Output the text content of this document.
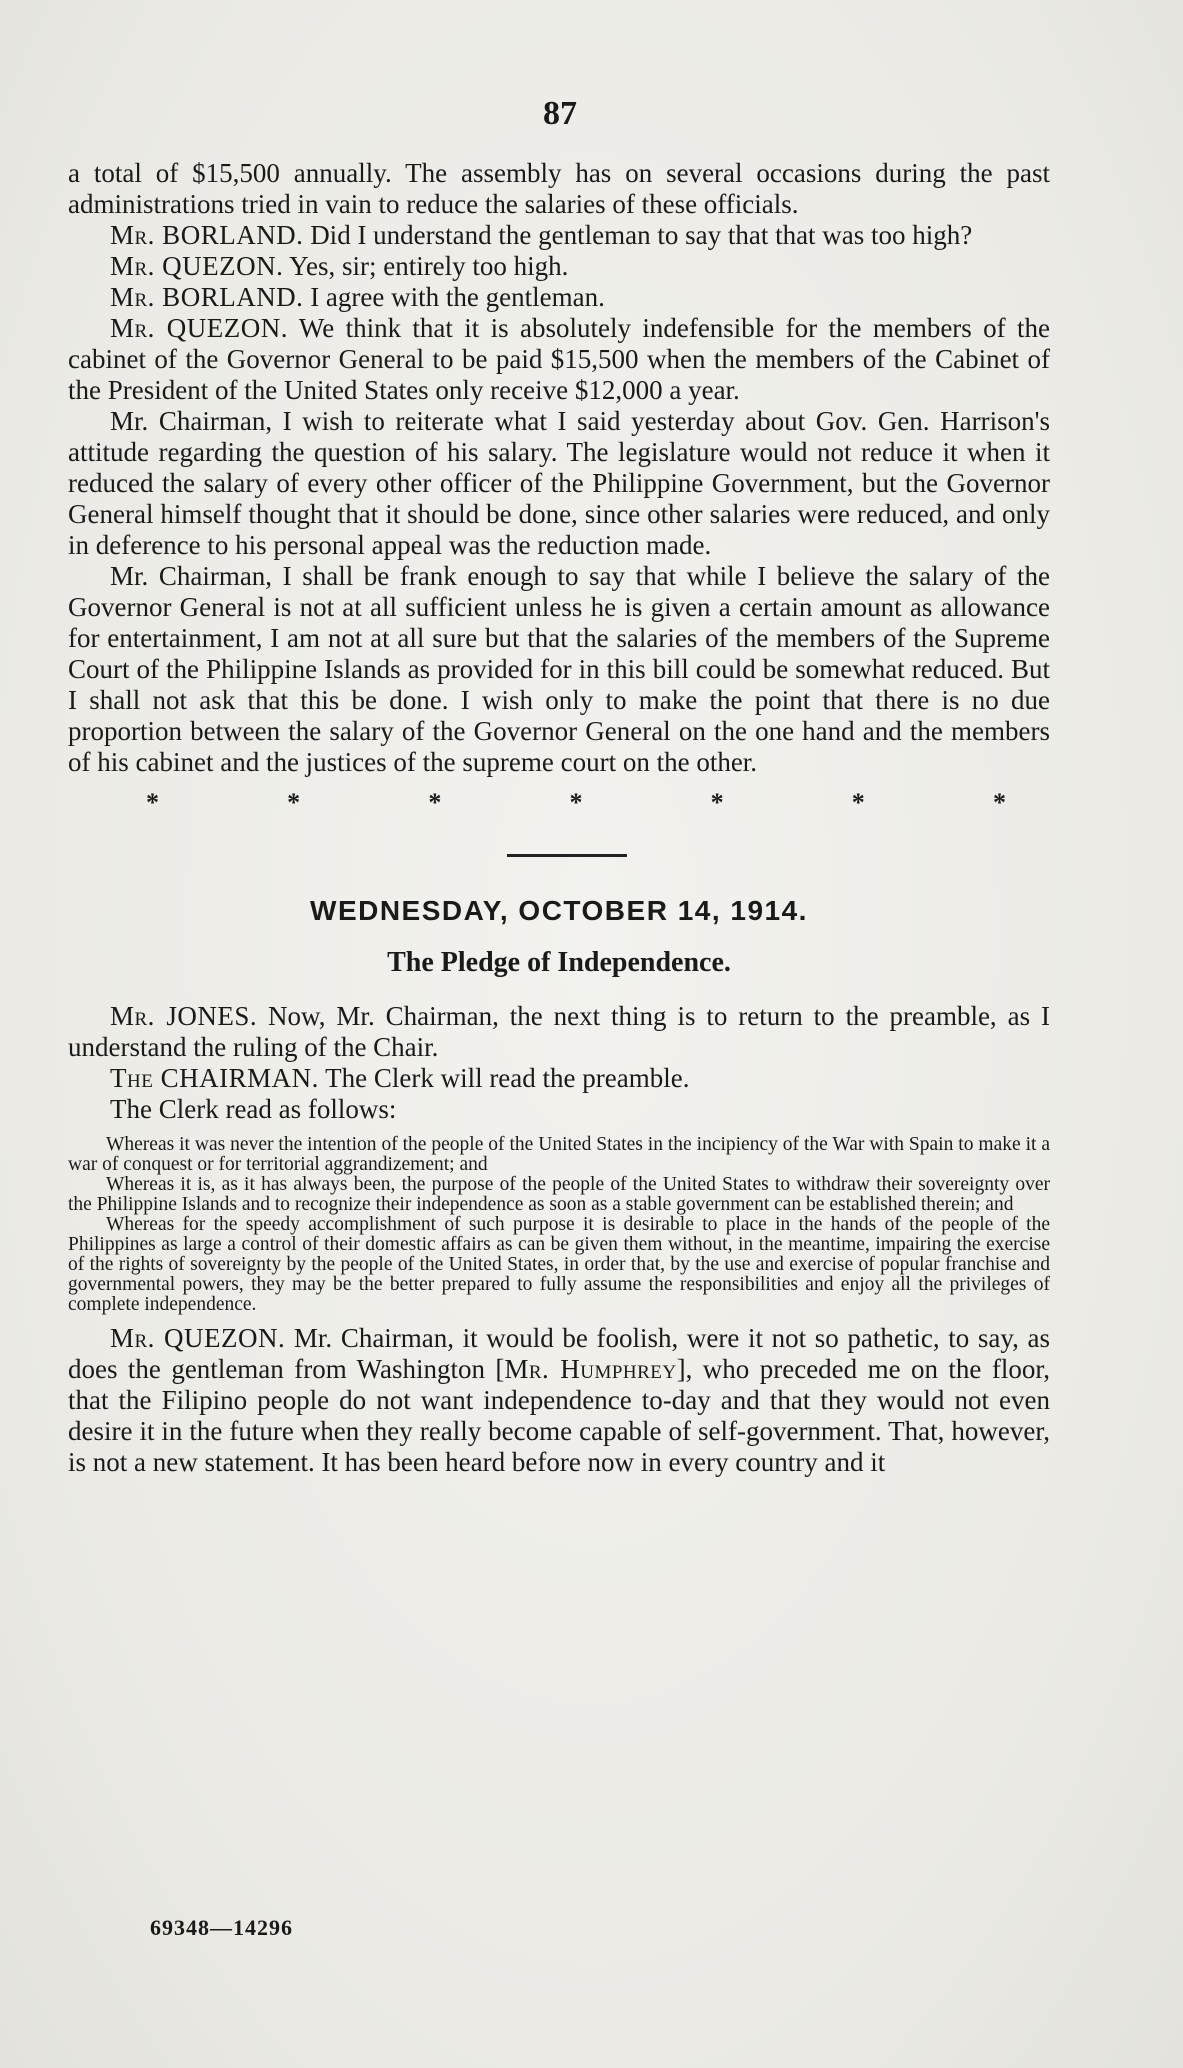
87

a total of $15,500 annually. The assembly has on several occasions during the past administrations tried in vain to reduce the salaries of these officials.

Mr. BORLAND. Did I understand the gentleman to say that that was too high?

Mr. QUEZON. Yes, sir; entirely too high.

Mr. BORLAND. I agree with the gentleman.

Mr. QUEZON. We think that it is absolutely indefensible for the members of the cabinet of the Governor General to be paid $15,500 when the members of the Cabinet of the President of the United States only receive $12,000 a year.

Mr. Chairman, I wish to reiterate what I said yesterday about Gov. Gen. Harrison's attitude regarding the question of his salary. The legislature would not reduce it when it reduced the salary of every other officer of the Philippine Government, but the Governor General himself thought that it should be done, since other salaries were reduced, and only in deference to his personal appeal was the reduction made.

Mr. Chairman, I shall be frank enough to say that while I believe the salary of the Governor General is not at all sufficient unless he is given a certain amount as allowance for entertainment, I am not at all sure but that the salaries of the members of the Supreme Court of the Philippine Islands as provided for in this bill could be somewhat reduced. But I shall not ask that this be done. I wish only to make the point that there is no due proportion between the salary of the Governor General on the one hand and the members of his cabinet and the justices of the supreme court on the other.

*	*	*	*	*	*	*
WEDNESDAY, OCTOBER 14, 1914.
The Pledge of Independence.

Mr. JONES. Now, Mr. Chairman, the next thing is to return to the preamble, as I understand the ruling of the Chair.

The CHAIRMAN. The Clerk will read the preamble.

The Clerk read as follows:

Whereas it was never the intention of the people of the United States in the incipiency of the War with Spain to make it a war of conquest or for territorial aggrandizement; and

Whereas it is, as it has always been, the purpose of the people of the United States to withdraw their sovereignty over the Philippine Islands and to recognize their independence as soon as a stable government can be established therein; and

Whereas for the speedy accomplishment of such purpose it is desirable to place in the hands of the people of the Philippines as large a control of their domestic affairs as can be given them without, in the meantime, impairing the exercise of the rights of sovereignty by the people of the United States, in order that, by the use and exercise of popular franchise and governmental powers, they may be the better prepared to fully assume the responsibilities and enjoy all the privileges of complete independence.

Mr. QUEZON. Mr. Chairman, it would be foolish, were it not so pathetic, to say, as does the gentleman from Washington [Mr. Humphrey], who preceded me on the floor, that the Filipino people do not want independence to-day and that they would not even desire it in the future when they really become capable of self-government. That, however, is not a new statement. It has been heard before now in every country and it

69348—14296
